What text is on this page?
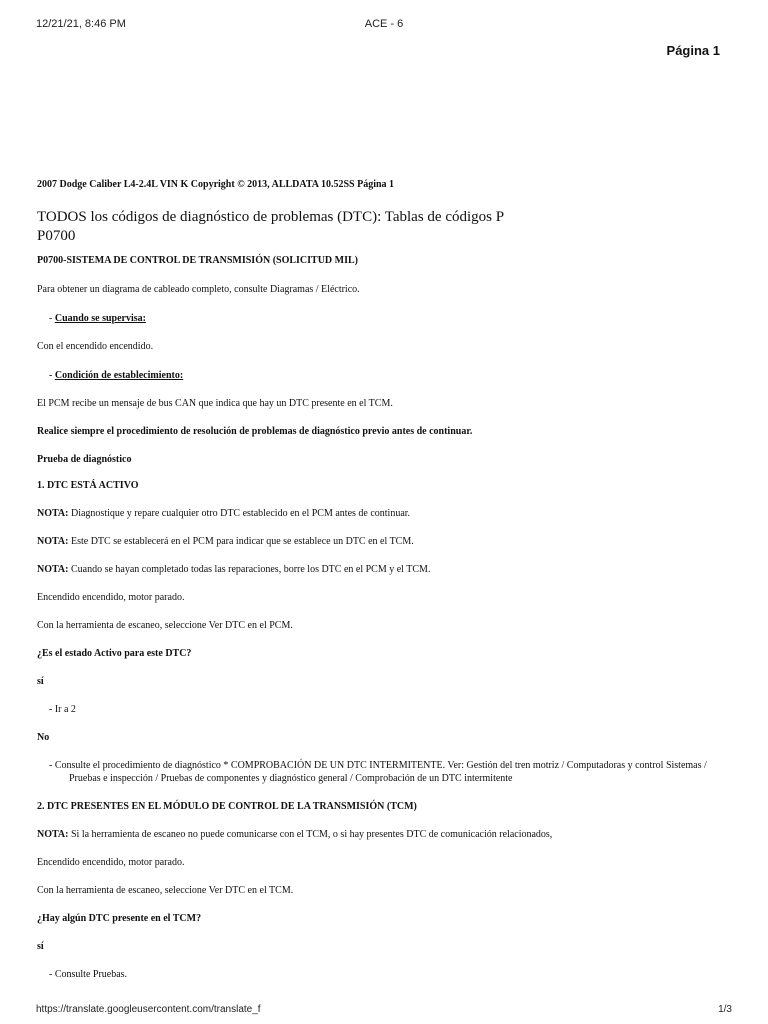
12/21/21, 8:46 PM	ACE - 6
Página 1

2007 Dodge Caliber L4-2.4L VIN K Copyright © 2013, ALLDATA 10.52SS Página 1

TODOS los códigos de diagnóstico de problemas (DTC): Tablas de códigos P

P0700

P0700-SISTEMA DE CONTROL DE TRANSMISIÓN (SOLICITUD MIL)

Para obtener un diagrama de cableado completo, consulte Diagramas / Eléctrico.

- Cuando se supervisa:

Con el encendido encendido.

- Condición de establecimiento:

El PCM recibe un mensaje de bus CAN que indica que hay un DTC presente en el TCM.

Realice siempre el procedimiento de resolución de problemas de diagnóstico previo antes de continuar.

Prueba de diagnóstico

1. DTC ESTÁ ACTIVO

NOTA: Diagnostique y repare cualquier otro DTC establecido en el PCM antes de continuar.

NOTA: Este DTC se establecerá en el PCM para indicar que se establece un DTC en el TCM.

NOTA: Cuando se hayan completado todas las reparaciones, borre los DTC en el PCM y el TCM.

Encendido encendido, motor parado.

Con la herramienta de escaneo, seleccione Ver DTC en el PCM.

¿Es el estado Activo para este DTC?

sí

- Ir a 2

No

- Consulte el procedimiento de diagnóstico * COMPROBACIÓN DE UN DTC INTERMITENTE. Ver: Gestión del tren motriz / Computadoras y control Sistemas / Pruebas e inspección / Pruebas de componentes y diagnóstico general / Comprobación de un DTC intermitente

2. DTC PRESENTES EN EL MÓDULO DE CONTROL DE LA TRANSMISIÓN (TCM)

NOTA: Si la herramienta de escaneo no puede comunicarse con el TCM, o si hay presentes DTC de comunicación relacionados,

Encendido encendido, motor parado.

Con la herramienta de escaneo, seleccione Ver DTC en el TCM.

¿Hay algún DTC presente en el TCM?

sí

- Consulte Pruebas.

https://translate.googleusercontent.com/translate_f	1/3
